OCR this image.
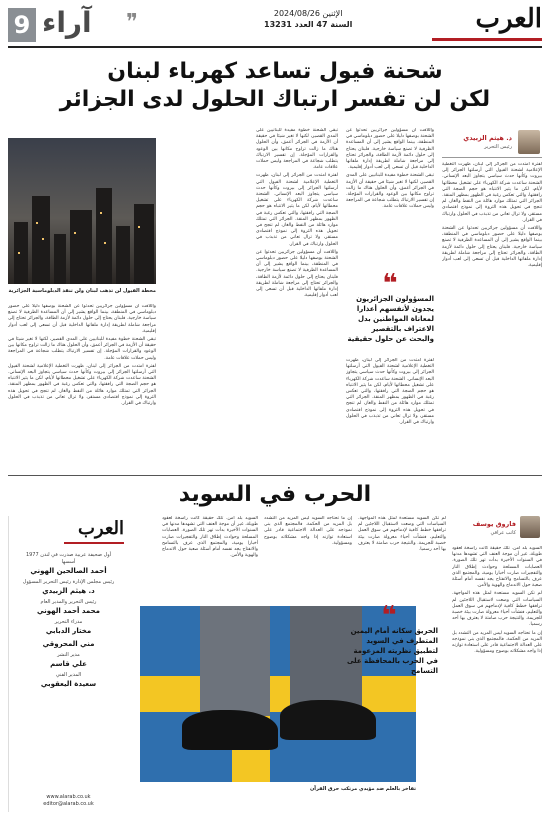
9 آراء ❞	الإثنين 2024/08/26
السنة 47 العدد 13231	العرب
شحنة فيول تساعد كهرباء لبنان
لكن لن تفسر ارتباك الحلول لدى الجزائر
د. هيثم الزبيدي
رئيس التحرير

لفترة امتدت من الجزائر إلى لبنان، ظهرت التغطية الإعلامية لشحنة الفيول التي أرسلتها الجزائر إلى بيروت وكأنها حدث سياسي يتجاوز البعد الإنساني. الشحنة ساعدت شركة الكهرباء على تشغيل محطاتها لأيام، لكن ما يثير الانتباه هو حجم الضجة التي رافقتها، والتي تعكس رغبة في الظهور بمظهر المنقذ. الجزائر التي تمتلك موارد هائلة من النفط والغاز، لم تنجح في تحويل هذه الثروة إلى نموذج اقتصادي مستقر، ولا تزال تعاني من تذبذب في الحلول وارتباك في القرار.

واللافت أن مسؤولين جزائريين تحدثوا عن الشحنة بوصفها دليلا على حضور دبلوماسي في المنطقة، بينما الواقع يشير إلى أن المساعدة الظرفية لا تصنع سياسة خارجية. فلبنان يحتاج إلى حلول دائمة لأزمة الطاقة، والجزائر تحتاج إلى مراجعة شاملة لطريقة إدارة ملفاتها الداخلية قبل أن تسعى إلى لعب أدوار إقليمية.

واللافت أن مسؤولين جزائريين تحدثوا عن الشحنة بوصفها دليلا على حضور دبلوماسي في المنطقة، بينما الواقع يشير إلى أن المساعدة الظرفية لا تصنع سياسة خارجية. فلبنان يحتاج إلى حلول دائمة لأزمة الطاقة، والجزائر تحتاج إلى مراجعة شاملة لطريقة إدارة ملفاتها الداخلية قبل أن تسعى إلى لعب أدوار إقليمية.

تبقى الشحنة خطوة مفيدة للبنانيين على المدى القصير، لكنها لا تغير شيئا في حقيقة أن الأزمة في الجزائر أعمق، وأن الحلول هناك ما زالت تراوح مكانها بين الوعود والقرارات المؤجلة. إن تفسير الارتباك يتطلب شجاعة في المراجعة وليس حملات علاقات عامة.

❝
المسؤولون الجزائريون يجدون لأنفسهم أعذارا لمعاناة المواطنين بدل الاعتراف بالتقصير والبحث عن حلول حقيقية

لفترة امتدت من الجزائر إلى لبنان، ظهرت التغطية الإعلامية لشحنة الفيول التي أرسلتها الجزائر إلى بيروت وكأنها حدث سياسي يتجاوز البعد الإنساني. الشحنة ساعدت شركة الكهرباء على تشغيل محطاتها لأيام، لكن ما يثير الانتباه هو حجم الضجة التي رافقتها، والتي تعكس رغبة في الظهور بمظهر المنقذ. الجزائر التي تمتلك موارد هائلة من النفط والغاز، لم تنجح في تحويل هذه الثروة إلى نموذج اقتصادي مستقر، ولا تزال تعاني من تذبذب في الحلول وارتباك في القرار.

تبقى الشحنة خطوة مفيدة للبنانيين على المدى القصير، لكنها لا تغير شيئا في حقيقة أن الأزمة في الجزائر أعمق، وأن الحلول هناك ما زالت تراوح مكانها بين الوعود والقرارات المؤجلة. إن تفسير الارتباك يتطلب شجاعة في المراجعة وليس حملات علاقات عامة.

لفترة امتدت من الجزائر إلى لبنان، ظهرت التغطية الإعلامية لشحنة الفيول التي أرسلتها الجزائر إلى بيروت وكأنها حدث سياسي يتجاوز البعد الإنساني. الشحنة ساعدت شركة الكهرباء على تشغيل محطاتها لأيام، لكن ما يثير الانتباه هو حجم الضجة التي رافقتها، والتي تعكس رغبة في الظهور بمظهر المنقذ. الجزائر التي تمتلك موارد هائلة من النفط والغاز، لم تنجح في تحويل هذه الثروة إلى نموذج اقتصادي مستقر، ولا تزال تعاني من تذبذب في الحلول وارتباك في القرار.

واللافت أن مسؤولين جزائريين تحدثوا عن الشحنة بوصفها دليلا على حضور دبلوماسي في المنطقة، بينما الواقع يشير إلى أن المساعدة الظرفية لا تصنع سياسة خارجية. فلبنان يحتاج إلى حلول دائمة لأزمة الطاقة، والجزائر تحتاج إلى مراجعة شاملة لطريقة إدارة ملفاتها الداخلية قبل أن تسعى إلى لعب أدوار إقليمية.

محطة الفيول لن تذهب لبنان ولن تنقذ الدبلوماسية الجزائرية

واللافت أن مسؤولين جزائريين تحدثوا عن الشحنة بوصفها دليلا على حضور دبلوماسي في المنطقة، بينما الواقع يشير إلى أن المساعدة الظرفية لا تصنع سياسة خارجية. فلبنان يحتاج إلى حلول دائمة لأزمة الطاقة، والجزائر تحتاج إلى مراجعة شاملة لطريقة إدارة ملفاتها الداخلية قبل أن تسعى إلى لعب أدوار إقليمية.

تبقى الشحنة خطوة مفيدة للبنانيين على المدى القصير، لكنها لا تغير شيئا في حقيقة أن الأزمة في الجزائر أعمق، وأن الحلول هناك ما زالت تراوح مكانها بين الوعود والقرارات المؤجلة. إن تفسير الارتباك يتطلب شجاعة في المراجعة وليس حملات علاقات عامة.

لفترة امتدت من الجزائر إلى لبنان، ظهرت التغطية الإعلامية لشحنة الفيول التي أرسلتها الجزائر إلى بيروت وكأنها حدث سياسي يتجاوز البعد الإنساني. الشحنة ساعدت شركة الكهرباء على تشغيل محطاتها لأيام، لكن ما يثير الانتباه هو حجم الضجة التي رافقتها، والتي تعكس رغبة في الظهور بمظهر المنقذ. الجزائر التي تمتلك موارد هائلة من النفط والغاز، لم تنجح في تحويل هذه الثروة إلى نموذج اقتصادي مستقر، ولا تزال تعاني من تذبذب في الحلول وارتباك في القرار.

الحرب في السويد
فاروق يوسف
كاتب عراقي

السويد بلد آمن. تلك حقيقة كانت راسخة لعقود طويلة، غير أن موجة العنف التي تشهدها مدنها في السنوات الأخيرة بدأت تهز تلك الصورة. العصابات المسلحة وحوادث إطلاق النار والتفجيرات صارت أخبارا يومية، والمجتمع الذي عرف بالتسامح والانفتاح يجد نفسه أمام أسئلة صعبة حول الاندماج والهوية والأمن.

لم تكن السويد مستعدة لمثل هذه المواجهة. السياسات التي وضعت لاستقبال اللاجئين لم ترافقها خطط كافية لإدماجهم في سوق العمل والتعليم، فنشأت أحياء معزولة صارت بيئة خصبة للجريمة. والنتيجة حرب صامتة لا يعترف بها أحد رسميا.

إن ما تحتاجه السويد ليس المزيد من التشدد بل المزيد من الحكمة. فالمجتمع الذي بنى نموذجه على العدالة الاجتماعية قادر على استعادة توازنه إذا واجه مشكلاته بوضوح ومسؤولية.

لم تكن السويد مستعدة لمثل هذه المواجهة. السياسات التي وضعت لاستقبال اللاجئين لم ترافقها خطط كافية لإدماجهم في سوق العمل والتعليم، فنشأت أحياء معزولة صارت بيئة خصبة للجريمة. والنتيجة حرب صامتة لا يعترف بها أحد رسميا.

إن ما تحتاجه السويد ليس المزيد من التشدد بل المزيد من الحكمة. فالمجتمع الذي بنى نموذجه على العدالة الاجتماعية قادر على استعادة توازنه إذا واجه مشكلاته بوضوح ومسؤولية.

السويد بلد آمن. تلك حقيقة كانت راسخة لعقود طويلة، غير أن موجة العنف التي تشهدها مدنها في السنوات الأخيرة بدأت تهز تلك الصورة. العصابات المسلحة وحوادث إطلاق النار والتفجيرات صارت أخبارا يومية، والمجتمع الذي عرف بالتسامح والانفتاح يجد نفسه أمام أسئلة صعبة حول الاندماج والهوية والأمن.

تفاخر بالعلم ضد مؤيدي مرتكب حرق القرآن
العرب
أول صحيفة عربية صدرت في لندن 1977
أسسها
أحمد الصالحين الهوني
رئيس مجلس الإدارة رئيس التحرير المسؤول
د. هيثم الزبيدي
رئيس التحرير والمدير العام
محمد أحمد الهوني
مدراء التحرير
مختار الدبابي
مني المحروقي
مدير النشر
علي قاسم
المدير الفني
سعيدة اليعقوبي
www.alarab.co.uk
editor@alarab.co.uk
❝
الحريق سكانه أمام اليمين المتطرف في السويد لتطبيق نظريته المزعومة في الحرب بالمحافظة على التسامح
